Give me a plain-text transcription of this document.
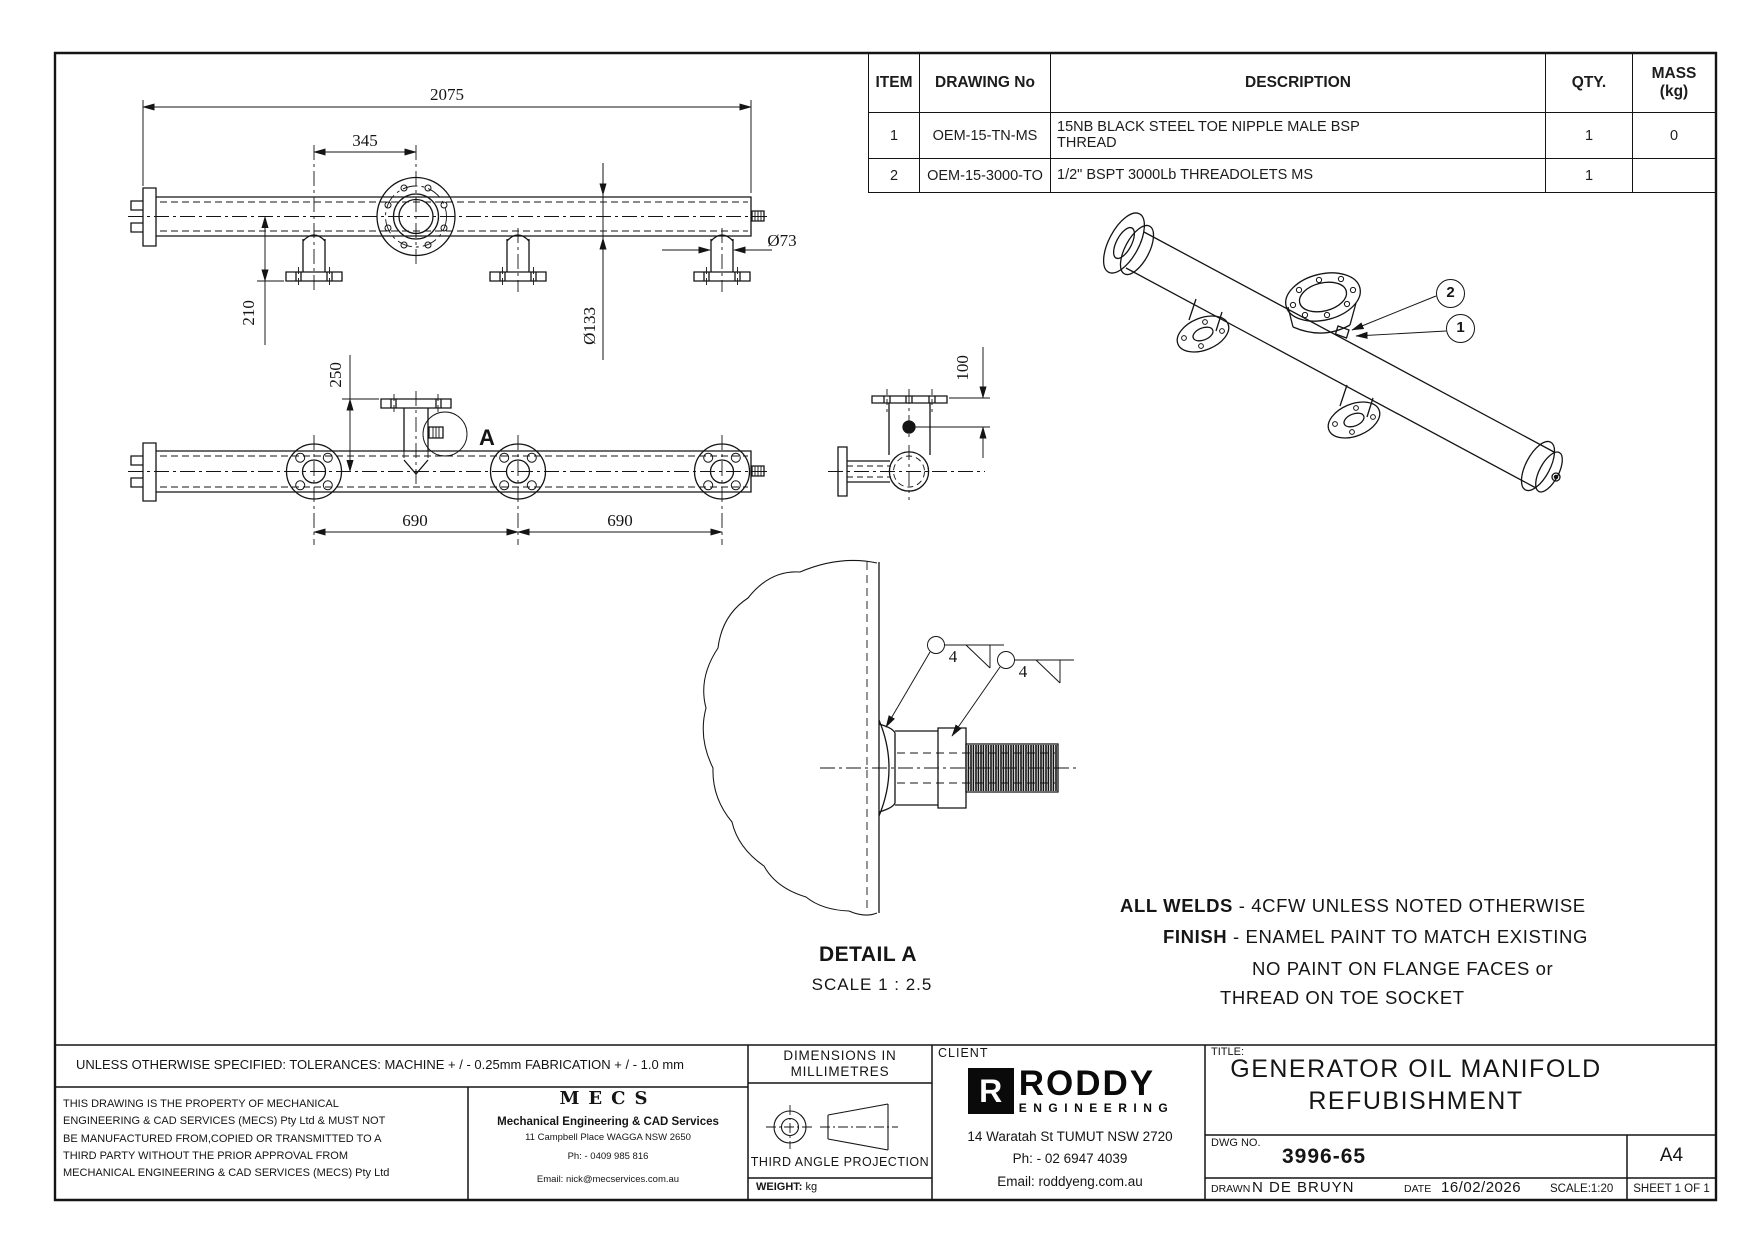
ITEM	DRAWING No	DESCRIPTION	QTY.	MASS (kg)
1	OEM-15-TN-MS	15NB BLACK STEEL TOE NIPPLE MALE BSP THREAD	1	0
2	OEM-15-3000-TO	1/2" BSPT 3000Lb THREADOLETS MS	1	
2075
345
210	Ø133
Ø73
250
690	690
100
A
4
4
2
1
DETAIL A
SCALE 1 : 2.5
ALL WELDS - 4CFW UNLESS NOTED OTHERWISE
FINISH - ENAMEL PAINT TO MATCH EXISTING
NO PAINT ON FLANGE FACES or
THREAD ON TOE SOCKET
UNLESS OTHERWISE SPECIFIED: TOLERANCES: MACHINE + / - 0.25mm FABRICATION + / - 1.0 mm
THIS DRAWING IS THE PROPERTY OF MECHANICAL
ENGINEERING & CAD SERVICES (MECS) Pty Ltd & MUST NOT
BE MANUFACTURED FROM,COPIED OR TRANSMITTED TO A
THIRD PARTY WITHOUT THE PRIOR APPROVAL FROM
MECHANICAL ENGINEERING & CAD SERVICES (MECS) Pty Ltd
MECS
Mechanical Engineering & CAD Services
11 Campbell Place WAGGA NSW 2650
Ph: - 0409 985 816
Email: nick@mecservices.com.au
DIMENSIONS IN
MILLIMETRES
THIRD ANGLE PROJECTION
WEIGHT: kg
CLIENT
R RODDY
ENGINEERING
14 Waratah St TUMUT NSW 2720
Ph: - 02 6947 4039
Email: roddyeng.com.au
TITLE:
GENERATOR OIL MANIFOLD
REFUBISHMENT
DWG NO.
3996-65	A4
DRAWN N DE BRUYN	DATE 16/02/2026	SCALE:1:20	SHEET 1 OF 1
